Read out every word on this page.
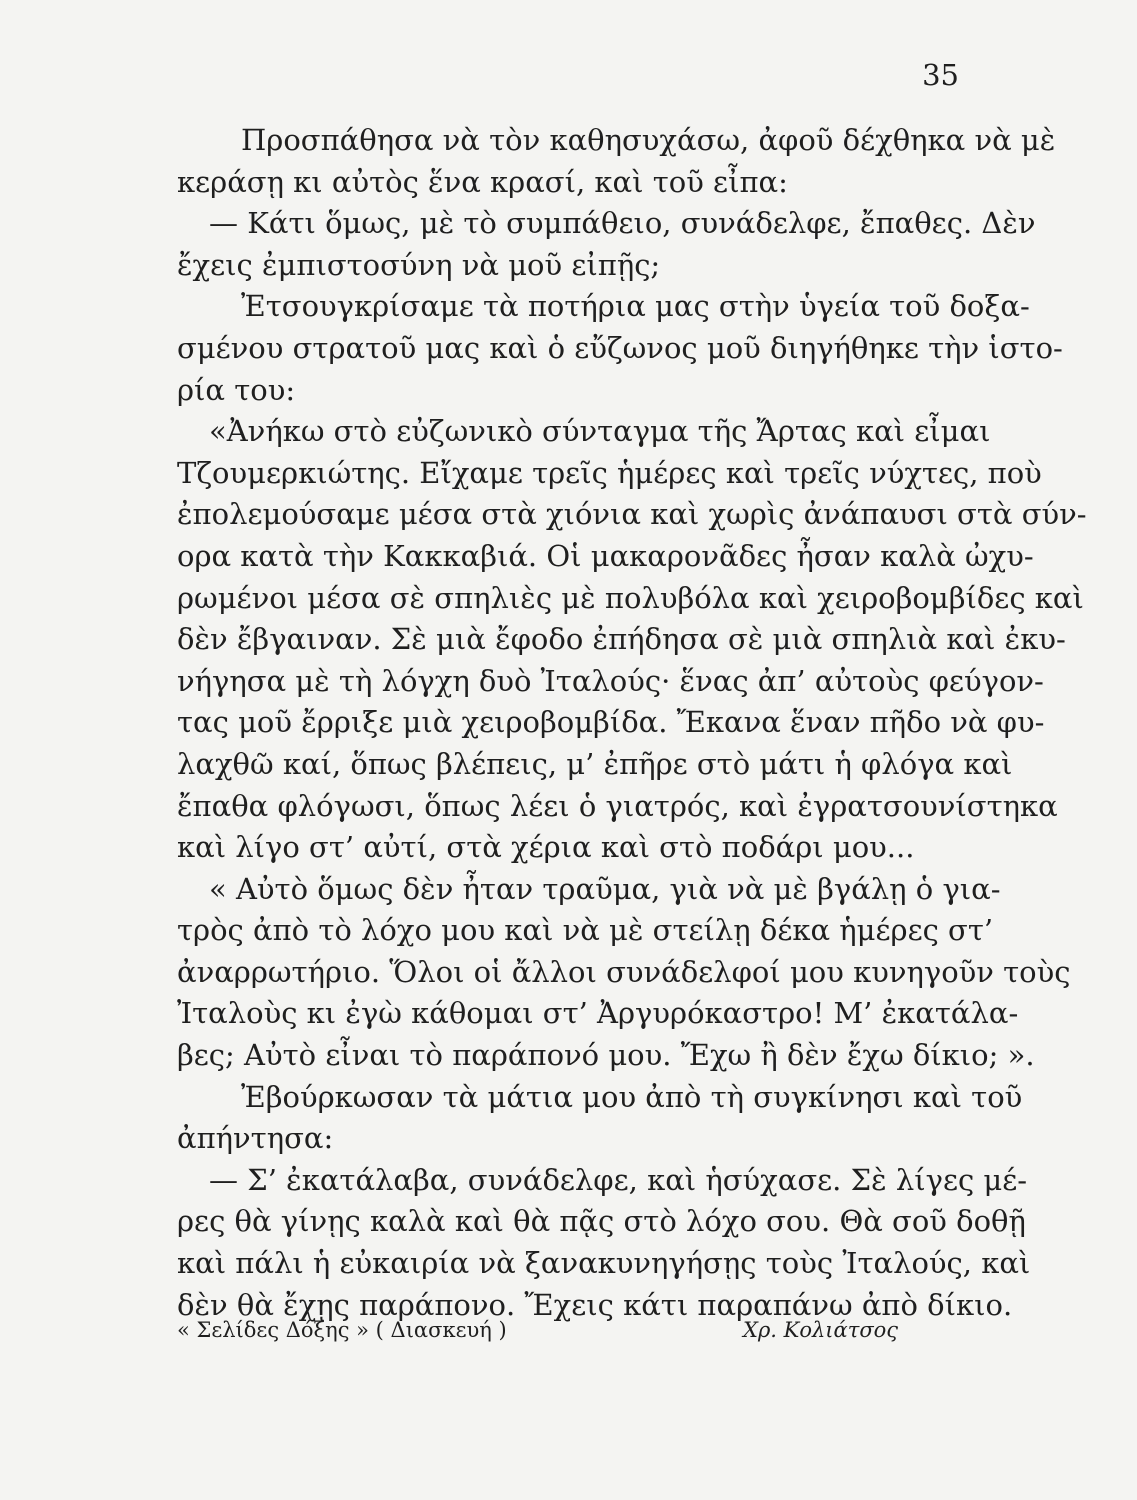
35
Προσπάθησα νὰ τὸν καθησυχάσω, ἀφοῦ δέχθηκα νὰ μὲ
κεράσῃ κι αὐτὸς ἕνα κρασί, καὶ τοῦ εἶπα:
— Κάτι ὅμως, μὲ τὸ συμπάθειο, συνάδελφε, ἔπαθες. Δὲν
ἔχεις ἐμπιστοσύνη νὰ μοῦ εἰπῇς;
Ἐτσουγκρίσαμε τὰ ποτήρια μας στὴν ὑγεία τοῦ δοξα-
σμένου στρατοῦ μας καὶ ὁ εὔζωνος μοῦ διηγήθηκε τὴν ἱστο-
ρία του:
«Ἀνήκω στὸ εὐζωνικὸ σύνταγμα τῆς Ἄρτας καὶ εἶμαι
Τζουμερκιώτης. Εἴχαμε τρεῖς ἡμέρες καὶ τρεῖς νύχτες, ποὺ
ἐπολεμούσαμε μέσα στὰ χιόνια καὶ χωρὶς ἀνάπαυσι στὰ σύν-
ορα κατὰ τὴν Κακκαβιά. Οἱ μακαρονᾶδες ἦσαν καλὰ ὠχυ-
ρωμένοι μέσα σὲ σπηλιὲς μὲ πολυβόλα καὶ χειροβομβίδες καὶ
δὲν ἔβγαιναν. Σὲ μιὰ ἔφοδο ἐπήδησα σὲ μιὰ σπηλιὰ καὶ ἐκυ-
νήγησα μὲ τὴ λόγχη δυὸ Ἰταλούς· ἕνας ἀπ’ αὐτοὺς φεύγον-
τας μοῦ ἔρριξε μιὰ χειροβομβίδα. Ἔκανα ἕναν πῆδο νὰ φυ-
λαχθῶ καί, ὅπως βλέπεις, μ’ ἐπῆρε στὸ μάτι ἡ φλόγα καὶ
ἔπαθα φλόγωσι, ὅπως λέει ὁ γιατρός, καὶ ἐγρατσουνίστηκα
καὶ λίγο στ’ αὐτί, στὰ χέρια καὶ στὸ ποδάρι μου...
« Αὐτὸ ὅμως δὲν ἦταν τραῦμα, γιὰ νὰ μὲ βγάλῃ ὁ για-
τρὸς ἀπὸ τὸ λόχο μου καὶ νὰ μὲ στείλῃ δέκα ἡμέρες στ’
ἀναρρωτήριο. Ὅλοι οἱ ἄλλοι συνάδελφοί μου κυνηγοῦν τοὺς
Ἰταλοὺς κι ἐγὼ κάθομαι στ’ Ἀργυρόκαστρο! Μ’ ἐκατάλα-
βες; Αὐτὸ εἶναι τὸ παράπονό μου. Ἔχω ἢ δὲν ἔχω δίκιο; ».
Ἐβούρκωσαν τὰ μάτια μου ἀπὸ τὴ συγκίνησι καὶ τοῦ
ἀπήντησα:
— Σ’ ἐκατάλαβα, συνάδελφε, καὶ ἡσύχασε. Σὲ λίγες μέ-
ρες θὰ γίνῃς καλὰ καὶ θὰ πᾷς στὸ λόχο σου. Θὰ σοῦ δοθῇ
καὶ πάλι ἡ εὐκαιρία νὰ ξανακυνηγήσῃς τοὺς Ἰταλούς, καὶ
δὲν θὰ ἔχῃς παράπονο. Ἔχεις κάτι παραπάνω ἀπὸ δίκιο.
« Σελίδες Δόξης » ( Διασκευή )	Χρ. Κολιάτσος
